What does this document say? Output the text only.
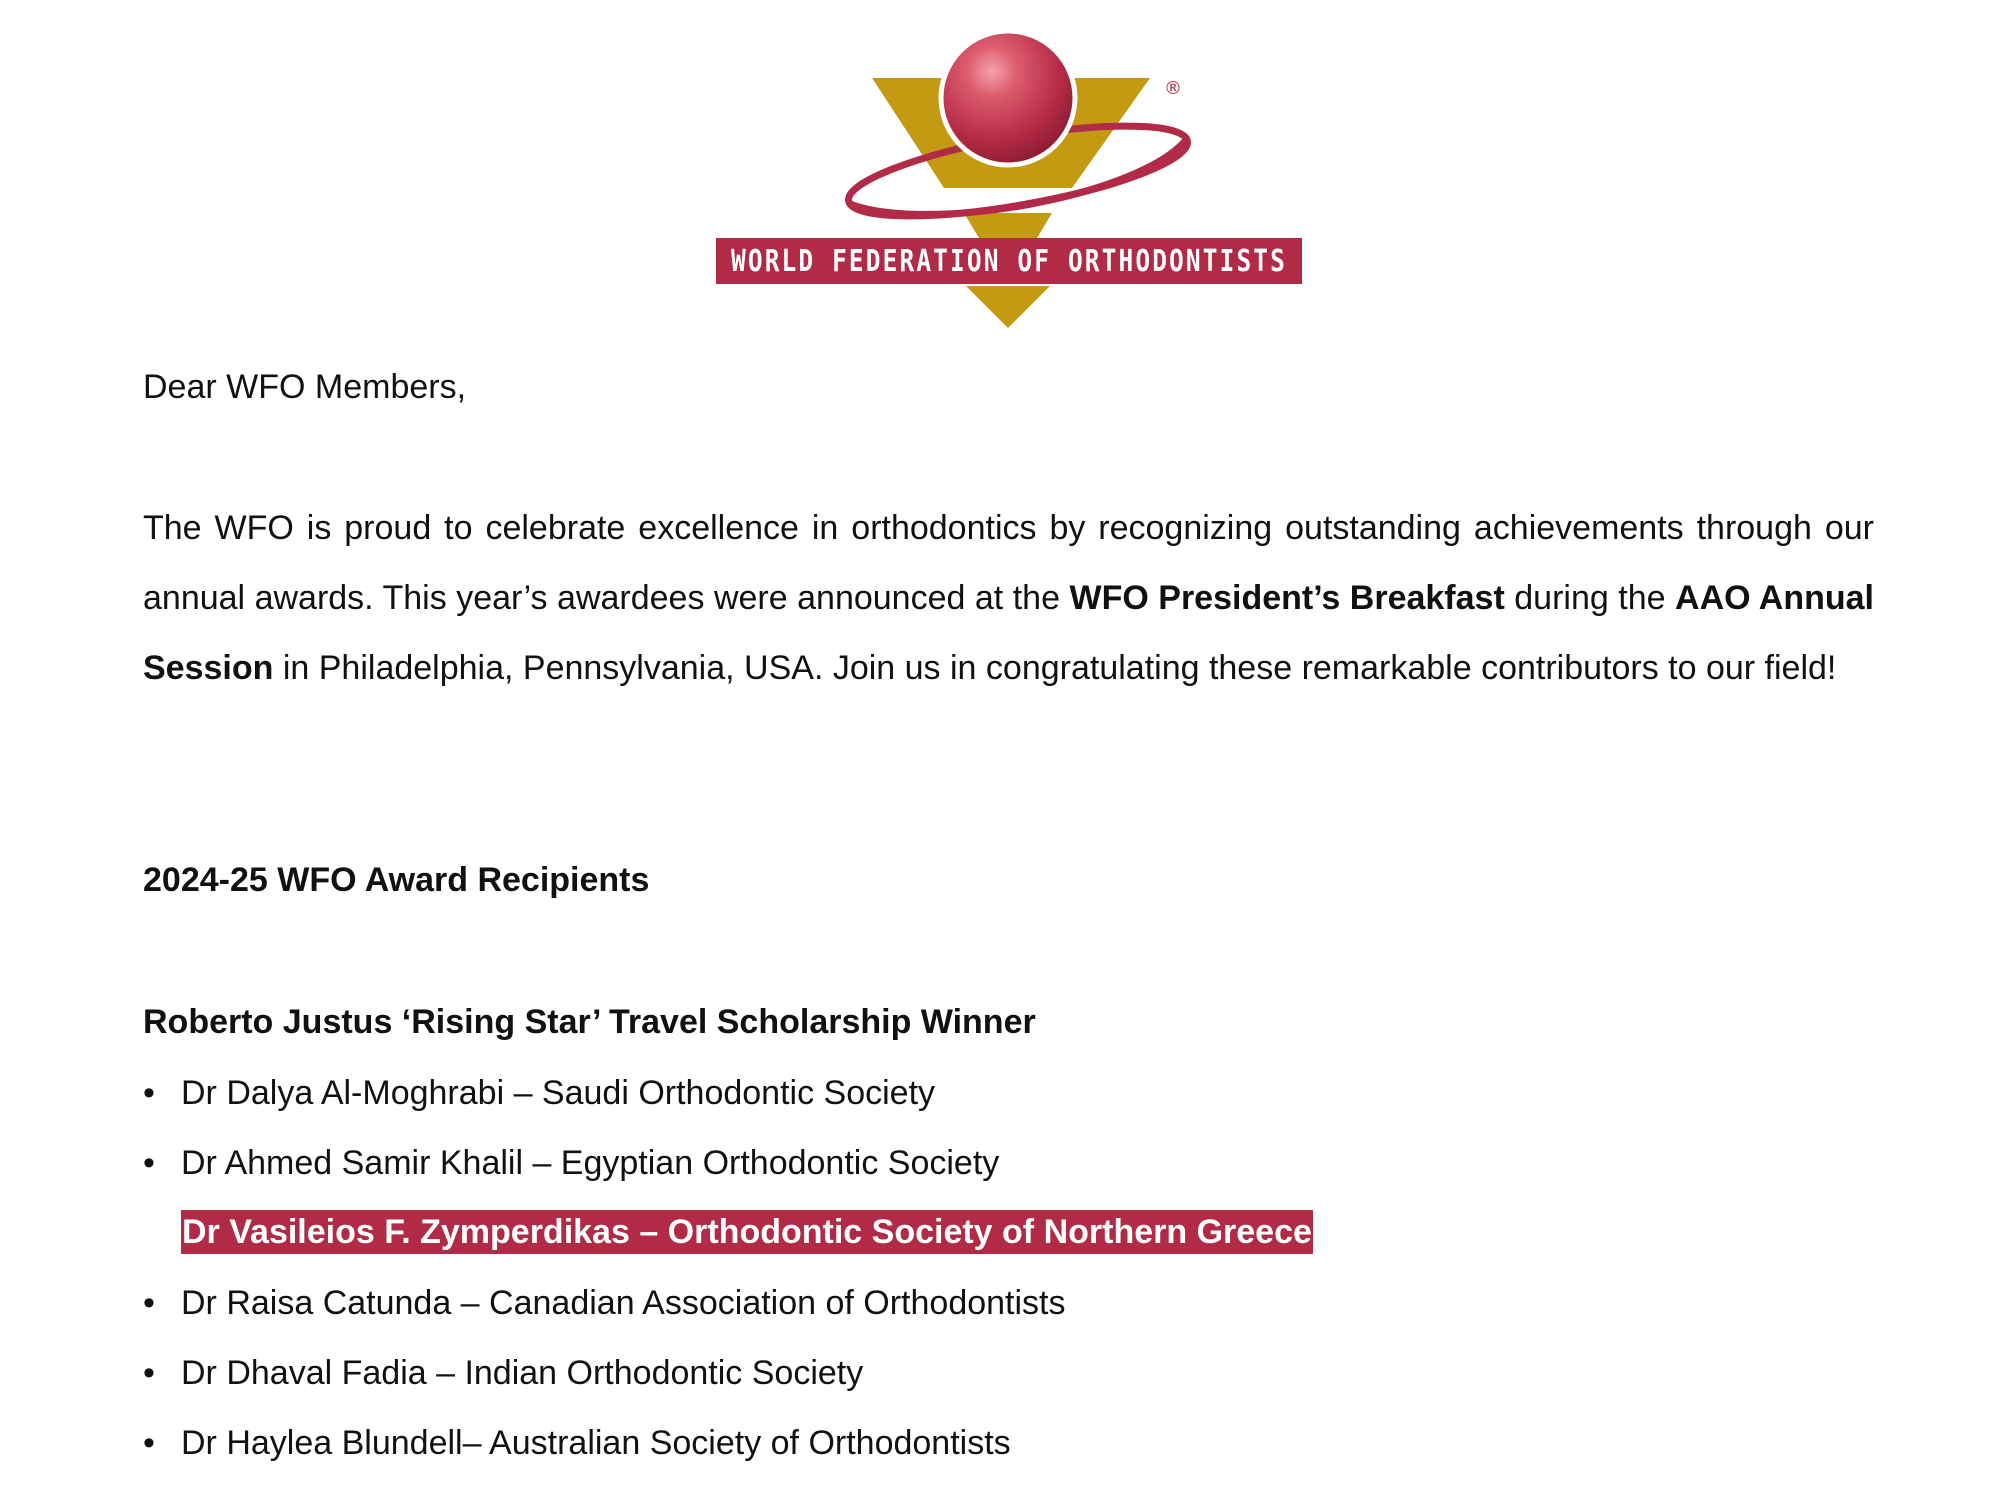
WORLD FEDERATION OF ORTHODONTISTS
®
Dear WFO Members,
The WFO is proud to celebrate excellence in orthodontics by recognizing outstanding achievements through our annual awards. This year’s awardees were announced at the WFO President’s Breakfast during the AAO Annual Session in Philadelphia, Pennsylvania, USA. Join us in congratulating these remarkable contributors to our field!
2024-25 WFO Award Recipients
Roberto Justus ‘Rising Star’ Travel Scholarship Winner
• Dr Dalya Al-Moghrabi – Saudi Orthodontic Society
• Dr Ahmed Samir Khalil – Egyptian Orthodontic Society
Dr Vasileios F. Zymperdikas – Orthodontic Society of Northern Greece
• Dr Raisa Catunda – Canadian Association of Orthodontists
• Dr Dhaval Fadia – Indian Orthodontic Society
• Dr Haylea Blundell– Australian Society of Orthodontists
